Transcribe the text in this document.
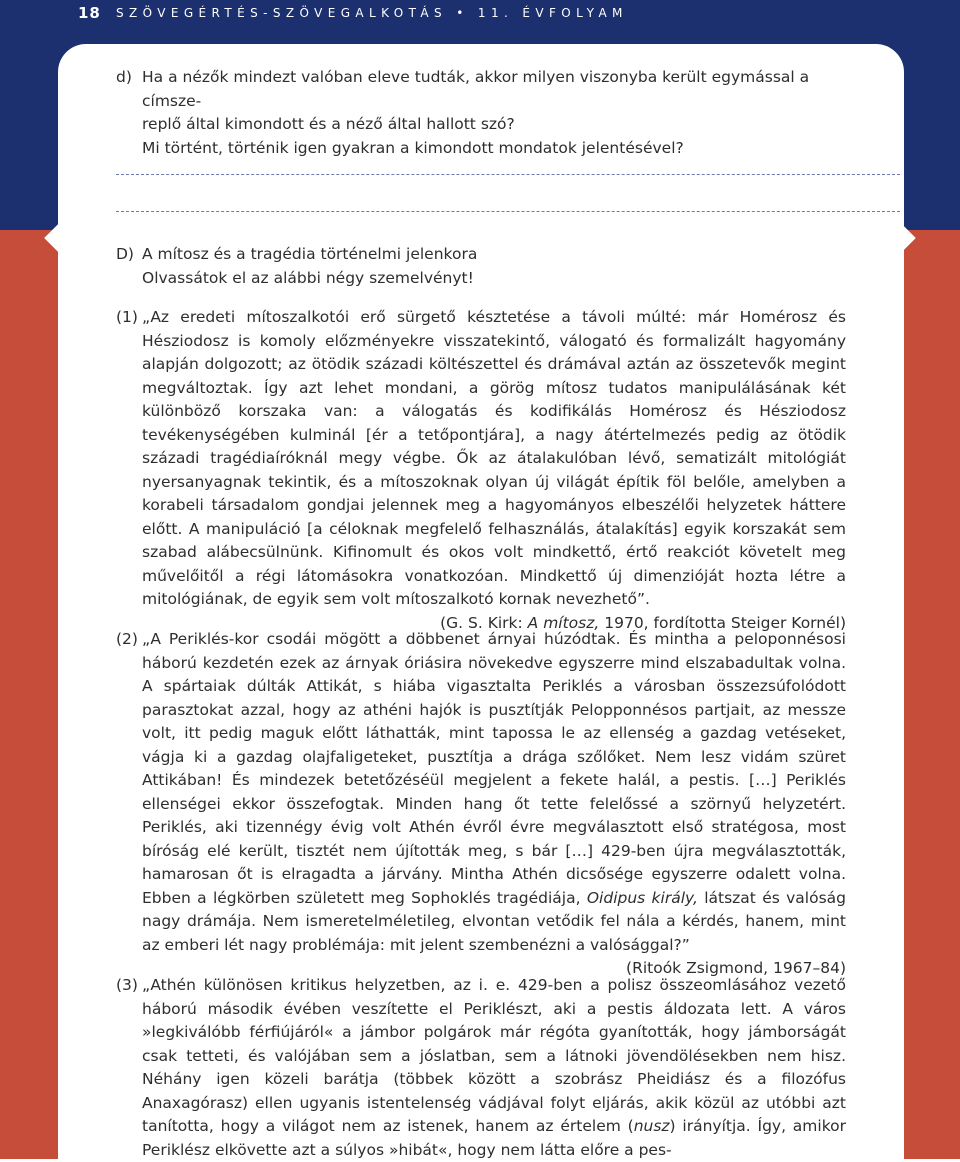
18 SZÖVEGÉRTÉS-SZÖVEGALKOTÁS • 11. ÉVFOLYAM
d) Ha a nézők mindezt valóban eleve tudták, akkor milyen viszonyba került egymással a címsze-
replő által kimondott és a néző által hallott szó?
Mi történt, történik igen gyakran a kimondott mondatok jelentésével?
D) A mítosz és a tragédia történelmi jelenkora
Olvassátok el az alábbi négy szemelvényt!
(1) „Az eredeti mítoszalkotói erő sürgető késztetése a távoli múlté: már Homérosz és Hésziodosz is komoly előzményekre visszatekintő, válogató és formalizált hagyomány alapján dolgozott; az ötödik századi költészettel és drámával aztán az összetevők megint megváltoztak. Így azt lehet mondani, a görög mítosz tudatos manipulálásának két különböző korszaka van: a válogatás és kodifikálás Homérosz és Hésziodosz tevékenységében kulminál [ér a tetőpontjára], a nagy átértelmezés pedig az ötödik századi tragédiaíróknál megy végbe. Ők az átalakulóban lévő, sematizált mitológiát nyersanyagnak tekintik, és a mítoszoknak olyan új világát építik föl belőle, amelyben a korabeli társadalom gondjai jelennek meg a hagyományos elbeszélői helyzetek háttere előtt. A manipuláció [a céloknak megfelelő felhasználás, átalakítás] egyik korszakát sem szabad alábecsülnünk. Kifinomult és okos volt mindkettő, értő reakciót követelt meg művelőitől a régi látomásokra vonatkozóan. Mindkettő új dimenzióját hozta létre a mitológiának, de egyik sem volt mítoszalkotó kornak nevezhető”.
(G. S. Kirk: A mítosz, 1970, fordította Steiger Kornél)
(2) „A Periklés-kor csodái mögött a döbbenet árnyai húzódtak. És mintha a peloponnésosi háború kezdetén ezek az árnyak óriásira növekedve egyszerre mind elszabadultak volna. A spártaiak dúlták Attikát, s hiába vigasztalta Periklés a városban összezsúfolódott parasztokat azzal, hogy az athéni hajók is pusztítják Pelopponnésos partjait, az messze volt, itt pedig maguk előtt láthatták, mint tapossa le az ellenség a gazdag vetéseket, vágja ki a gazdag olajfaligeteket, pusztítja a drága szőlőket. Nem lesz vidám szüret Attikában! És mindezek betetőzéséül megjelent a fekete halál, a pestis. […] Periklés ellenségei ekkor összefogtak. Minden hang őt tette felelőssé a szörnyű helyzetért. Periklés, aki tizennégy évig volt Athén évről évre megválasztott első stratégosa, most bíróság elé került, tisztét nem újították meg, s bár […] 429-ben újra megválasztották, hamarosan őt is elragadta a járvány. Mintha Athén dicsősége egyszerre odalett volna. Ebben a légkörben született meg Sophoklés tragédiája, Oidipus király, látszat és valóság nagy drámája. Nem ismeretelméletileg, elvontan vetődik fel nála a kérdés, hanem, mint az emberi lét nagy problémája: mit jelent szembenézni a valósággal?”
(Ritoók Zsigmond, 1967–84)
(3) „Athén különösen kritikus helyzetben, az i. e. 429-ben a polisz összeomlásához vezető háború második évében veszítette el Periklészt, aki a pestis áldozata lett. A város »legkiválóbb férfiújáról« a jámbor polgárok már régóta gyanították, hogy jámborságát csak tetteti, és valójában sem a jóslatban, sem a látnoki jövendölésekben nem hisz. Néhány igen közeli barátja (többek között a szobrász Pheidiász és a filozófus Anaxagórasz) ellen ugyanis istentelenség vádjával folyt eljárás, akik közül az utóbbi azt tanította, hogy a világot nem az istenek, hanem az értelem (nusz) irányítja. Így, amikor Periklész elkövette azt a súlyos »hibát«, hogy nem látta előre a pes-
